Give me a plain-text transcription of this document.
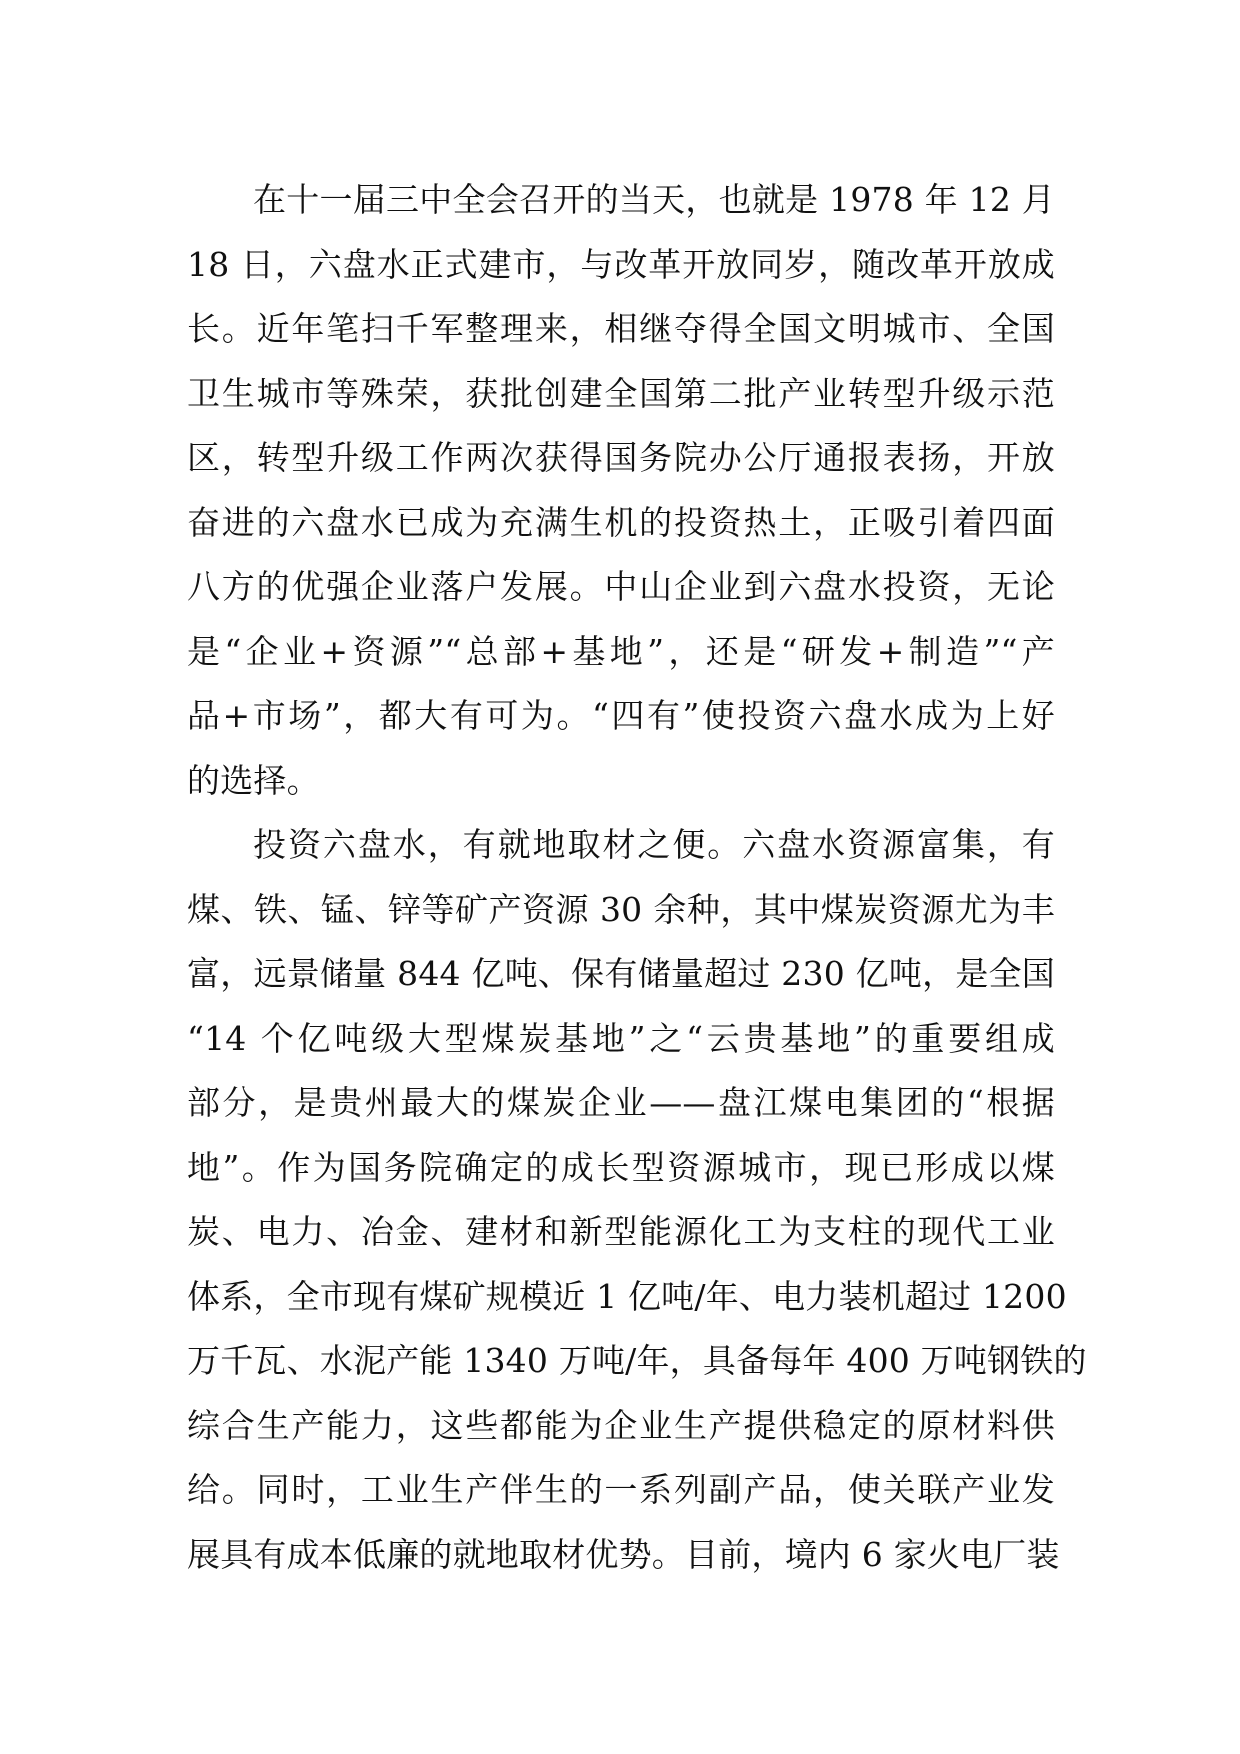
在十一届三中全会召开的当天，也就是 1978 年 12 月
18 日，六盘水正式建市，与改革开放同岁，随改革开放成
长。近年笔扫千军整理来，相继夺得全国文明城市、全国
卫生城市等殊荣，获批创建全国第二批产业转型升级示范
区，转型升级工作两次获得国务院办公厅通报表扬，开放
奋进的六盘水已成为充满生机的投资热土，正吸引着四面
八方的优强企业落户发展。中山企业到六盘水投资，无论
是“企业+资源”“总部+基地”，还是“研发+制造”“产
品+市场”，都大有可为。“四有”使投资六盘水成为上好
的选择。
投资六盘水，有就地取材之便。六盘水资源富集，有
煤、铁、锰、锌等矿产资源 30 余种，其中煤炭资源尤为丰
富，远景储量 844 亿吨、保有储量超过 230 亿吨，是全国
“14 个亿吨级大型煤炭基地”之“云贵基地”的重要组成
部分，是贵州最大的煤炭企业——盘江煤电集团的“根据
地”。作为国务院确定的成长型资源城市，现已形成以煤
炭、电力、冶金、建材和新型能源化工为支柱的现代工业
体系，全市现有煤矿规模近 1 亿吨/年、电力装机超过 1200
万千瓦、水泥产能 1340 万吨/年，具备每年 400 万吨钢铁的
综合生产能力，这些都能为企业生产提供稳定的原材料供
给。同时，工业生产伴生的一系列副产品，使关联产业发
展具有成本低廉的就地取材优势。目前，境内 6 家火电厂装
